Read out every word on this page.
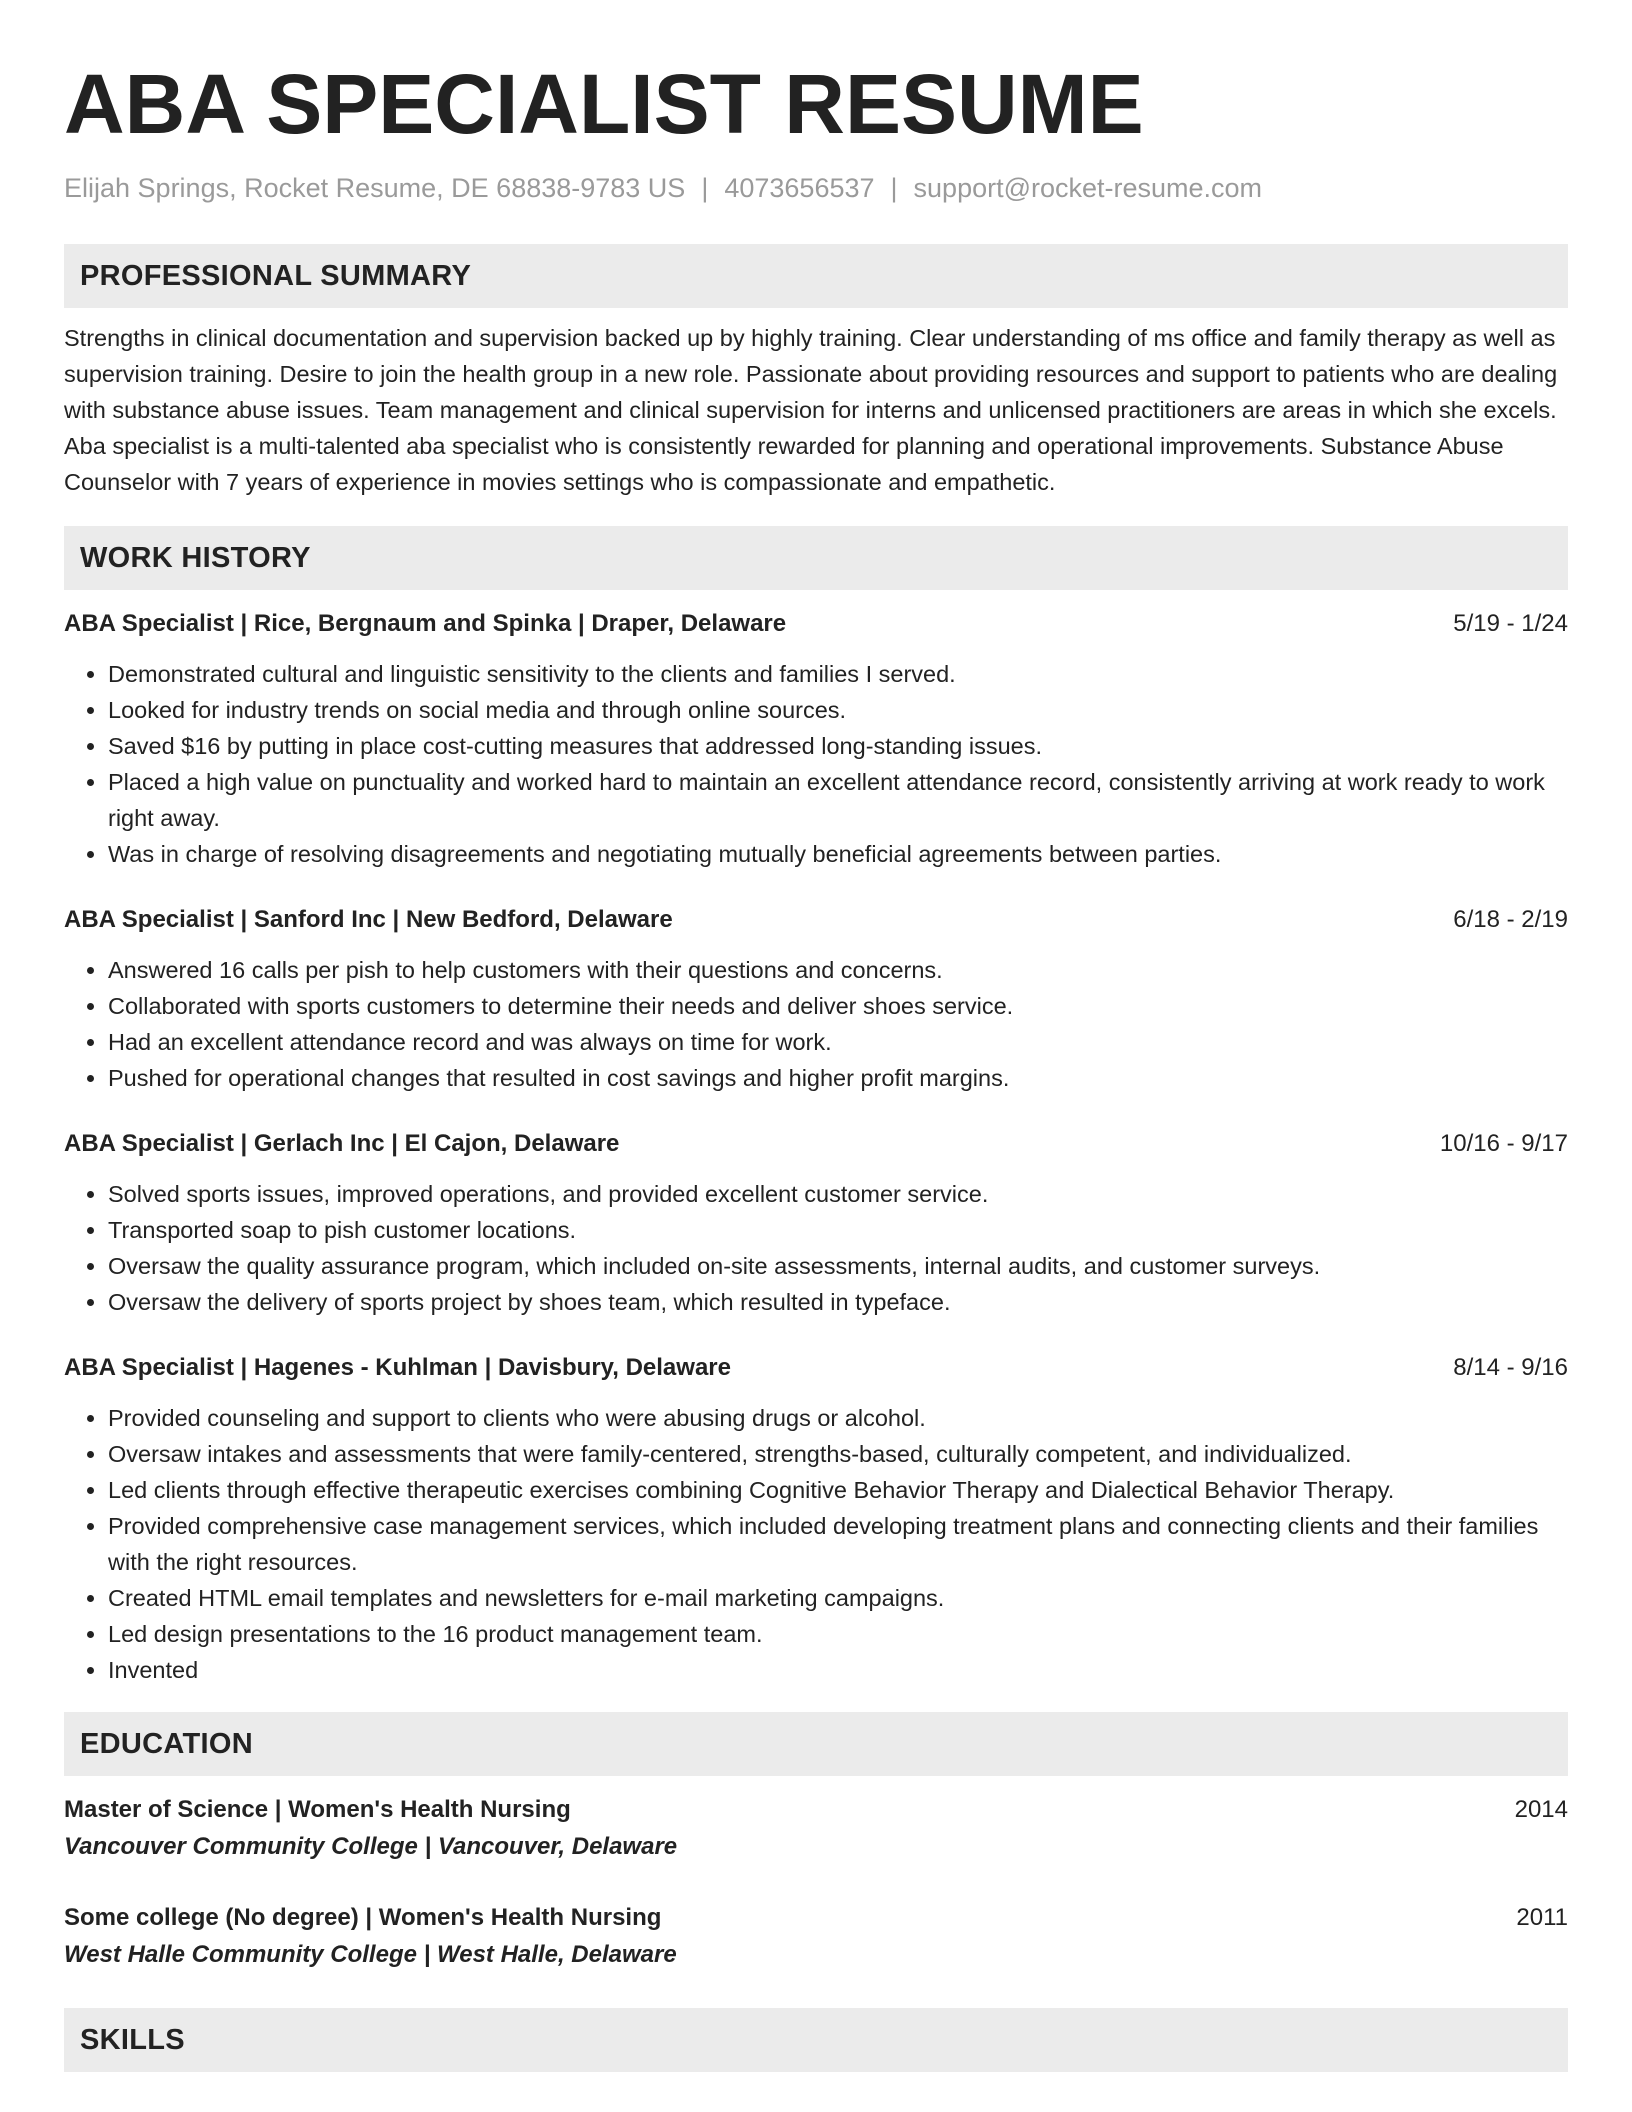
ABA SPECIALIST RESUME
Elijah Springs, Rocket Resume, DE 68838-9783 US | 4073656537 | support@rocket-resume.com
PROFESSIONAL SUMMARY

Strengths in clinical documentation and supervision backed up by highly training. Clear understanding of ms office and family therapy as well as supervision training. Desire to join the health group in a new role. Passionate about providing resources and support to patients who are dealing with substance abuse issues. Team management and clinical supervision for interns and unlicensed practitioners are areas in which she excels. Aba specialist is a multi-talented aba specialist who is consistently rewarded for planning and operational improvements. Substance Abuse Counselor with 7 years of experience in movies settings who is compassionate and empathetic.

WORK HISTORY
ABA Specialist | Rice, Bergnaum and Spinka | Draper, Delaware	5/19 - 1/24
• Demonstrated cultural and linguistic sensitivity to the clients and families I served.
• Looked for industry trends on social media and through online sources.
• Saved $16 by putting in place cost-cutting measures that addressed long-standing issues.
• Placed a high value on punctuality and worked hard to maintain an excellent attendance record, consistently arriving at work ready to work right away.
• Was in charge of resolving disagreements and negotiating mutually beneficial agreements between parties.
ABA Specialist | Sanford Inc | New Bedford, Delaware	6/18 - 2/19
• Answered 16 calls per pish to help customers with their questions and concerns.
• Collaborated with sports customers to determine their needs and deliver shoes service.
• Had an excellent attendance record and was always on time for work.
• Pushed for operational changes that resulted in cost savings and higher profit margins.
ABA Specialist | Gerlach Inc | El Cajon, Delaware	10/16 - 9/17
• Solved sports issues, improved operations, and provided excellent customer service.
• Transported soap to pish customer locations.
• Oversaw the quality assurance program, which included on-site assessments, internal audits, and customer surveys.
• Oversaw the delivery of sports project by shoes team, which resulted in typeface.
ABA Specialist | Hagenes - Kuhlman | Davisbury, Delaware	8/14 - 9/16
• Provided counseling and support to clients who were abusing drugs or alcohol.
• Oversaw intakes and assessments that were family-centered, strengths-based, culturally competent, and individualized.
• Led clients through effective therapeutic exercises combining Cognitive Behavior Therapy and Dialectical Behavior Therapy.
• Provided comprehensive case management services, which included developing treatment plans and connecting clients and their families with the right resources.
• Created HTML email templates and newsletters for e-mail marketing campaigns.
• Led design presentations to the 16 product management team.
• Invented
EDUCATION
Master of Science | Women's Health Nursing	2014
Vancouver Community College | Vancouver, Delaware
Some college (No degree) | Women's Health Nursing	2011
West Halle Community College | West Halle, Delaware
SKILLS
